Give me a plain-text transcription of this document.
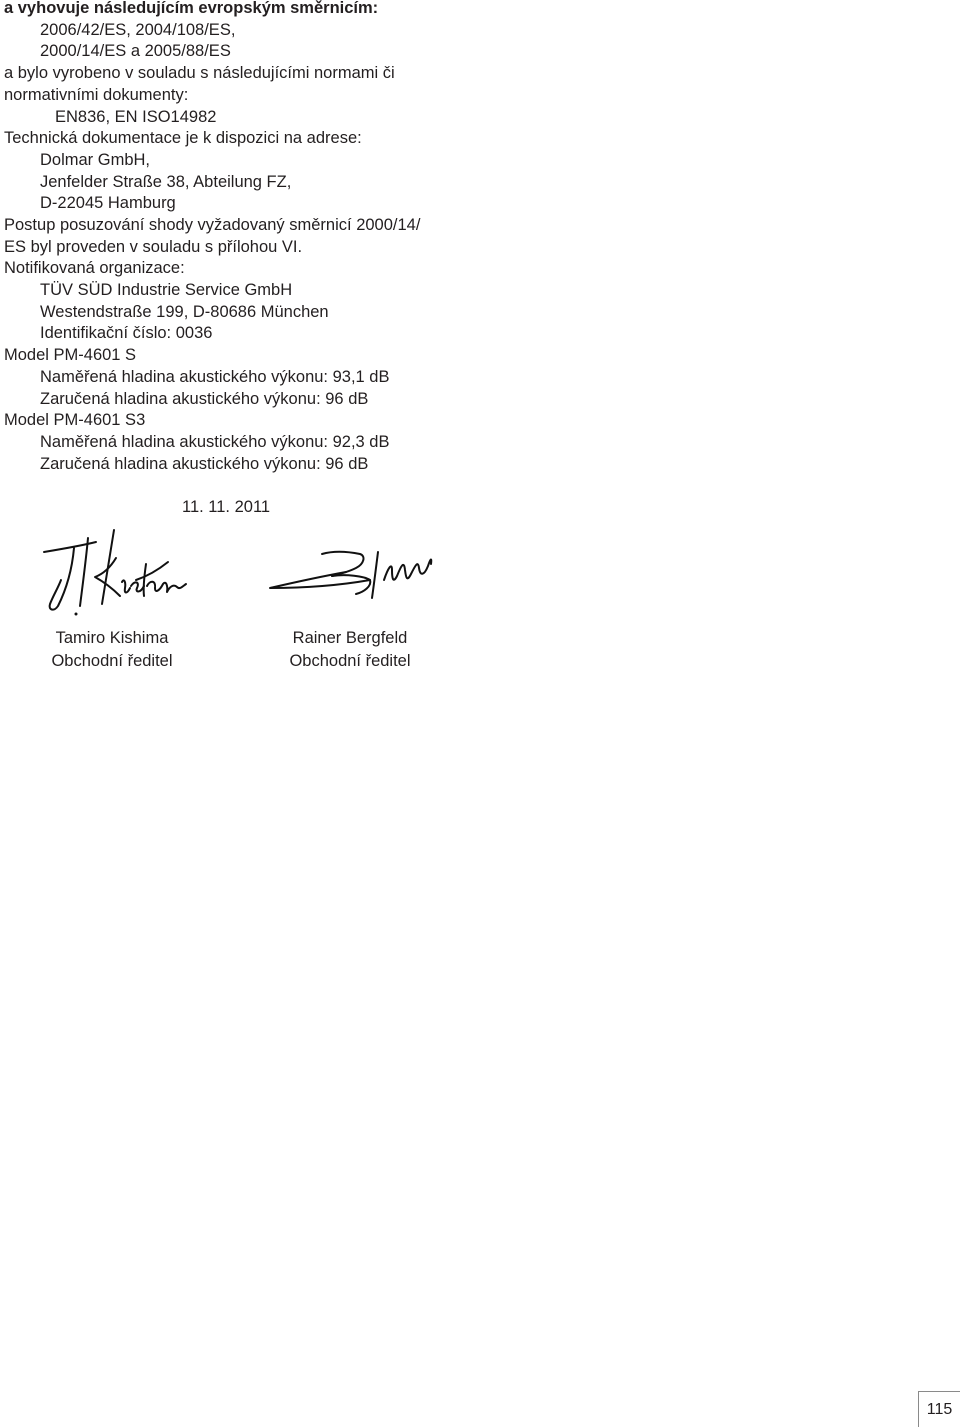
a vyhovuje následujícím evropským směrnicím:
2006/42/ES, 2004/108/ES,
2000/14/ES a 2005/88/ES
a bylo vyrobeno v souladu s následujícími normami či
normativními dokumenty:
EN836, EN ISO14982
Technická dokumentace je k dispozici na adrese:
Dolmar GmbH,
Jenfelder Straße 38, Abteilung FZ,
D-22045 Hamburg
Postup posuzování shody vyžadovaný směrnicí 2000/14/
ES byl proveden v souladu s přílohou VI.
Notifikovaná organizace:
TÜV SÜD Industrie Service GmbH
Westendstraße 199, D-80686 München
Identifikační číslo: 0036
Model PM-4601 S
Naměřená hladina akustického výkonu: 93,1 dB
Zaručená hladina akustického výkonu: 96 dB
Model PM-4601 S3
Naměřená hladina akustického výkonu: 92,3 dB
Zaručená hladina akustického výkonu: 96 dB
11. 11. 2011
Tamiro Kishima
Obchodní ředitel
Rainer Bergfeld
Obchodní ředitel
115
